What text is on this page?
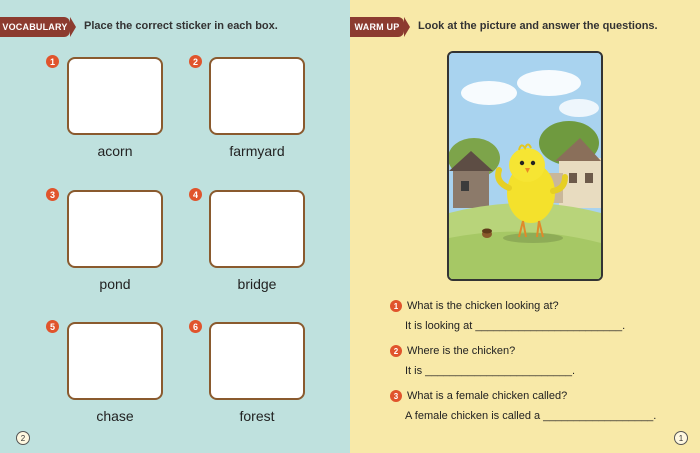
VOCABULARY Place the correct sticker in each box.
1
acorn
2
farmyard
3
pond
4
bridge
5
chase
6
forest
2
WARM UP	Look at the picture and answer the questions.
1
1 What is the chicken looking at?
It is looking at ________________________.
2 Where is the chicken?
It is ________________________.
3 What is a female chicken called?
A female chicken is called a __________________.
